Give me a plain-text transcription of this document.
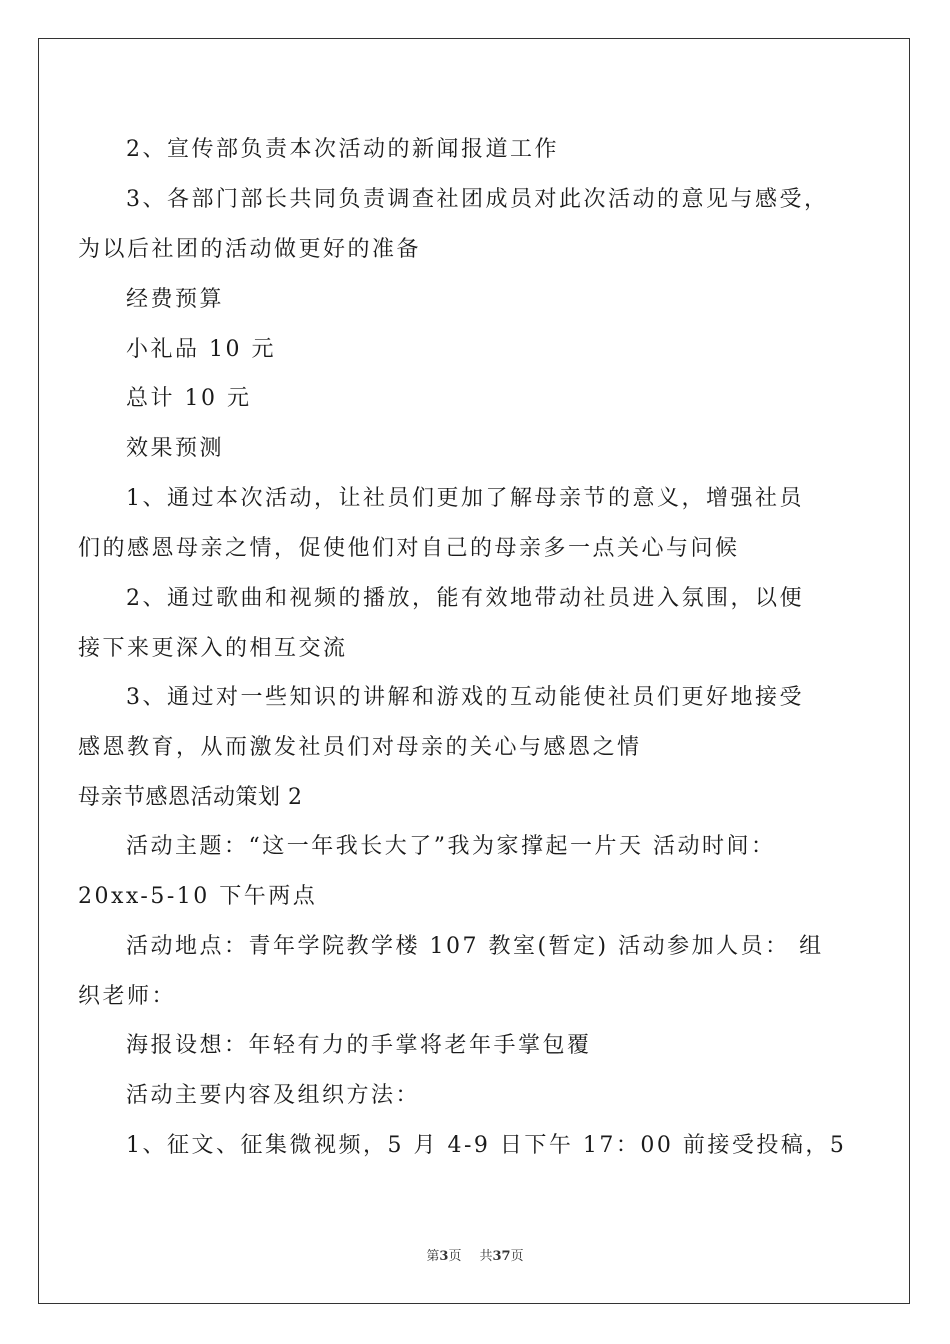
2、宣传部负责本次活动的新闻报道工作
3、各部门部长共同负责调查社团成员对此次活动的意见与感受，
为以后社团的活动做更好的准备
经费预算
小礼品 10 元
总计 10 元
效果预测
1、通过本次活动，让社员们更加了解母亲节的意义，增强社员
们的感恩母亲之情，促使他们对自己的母亲多一点关心与问候
2、通过歌曲和视频的播放，能有效地带动社员进入氛围，以便
接下来更深入的相互交流
3、通过对一些知识的讲解和游戏的互动能使社员们更好地接受
感恩教育，从而激发社员们对母亲的关心与感恩之情
母亲节感恩活动策划 2
活动主题：“这一年我长大了”我为家撑起一片天 活动时间：
20xx-5-10 下午两点
活动地点：青年学院教学楼 107 教室(暂定) 活动参加人员： 组
织老师：
海报设想：年轻有力的手掌将老年手掌包覆
活动主要内容及组织方法：
1、征文、征集微视频，5 月 4-9 日下午 17：00 前接受投稿，5
第3页 共37页
